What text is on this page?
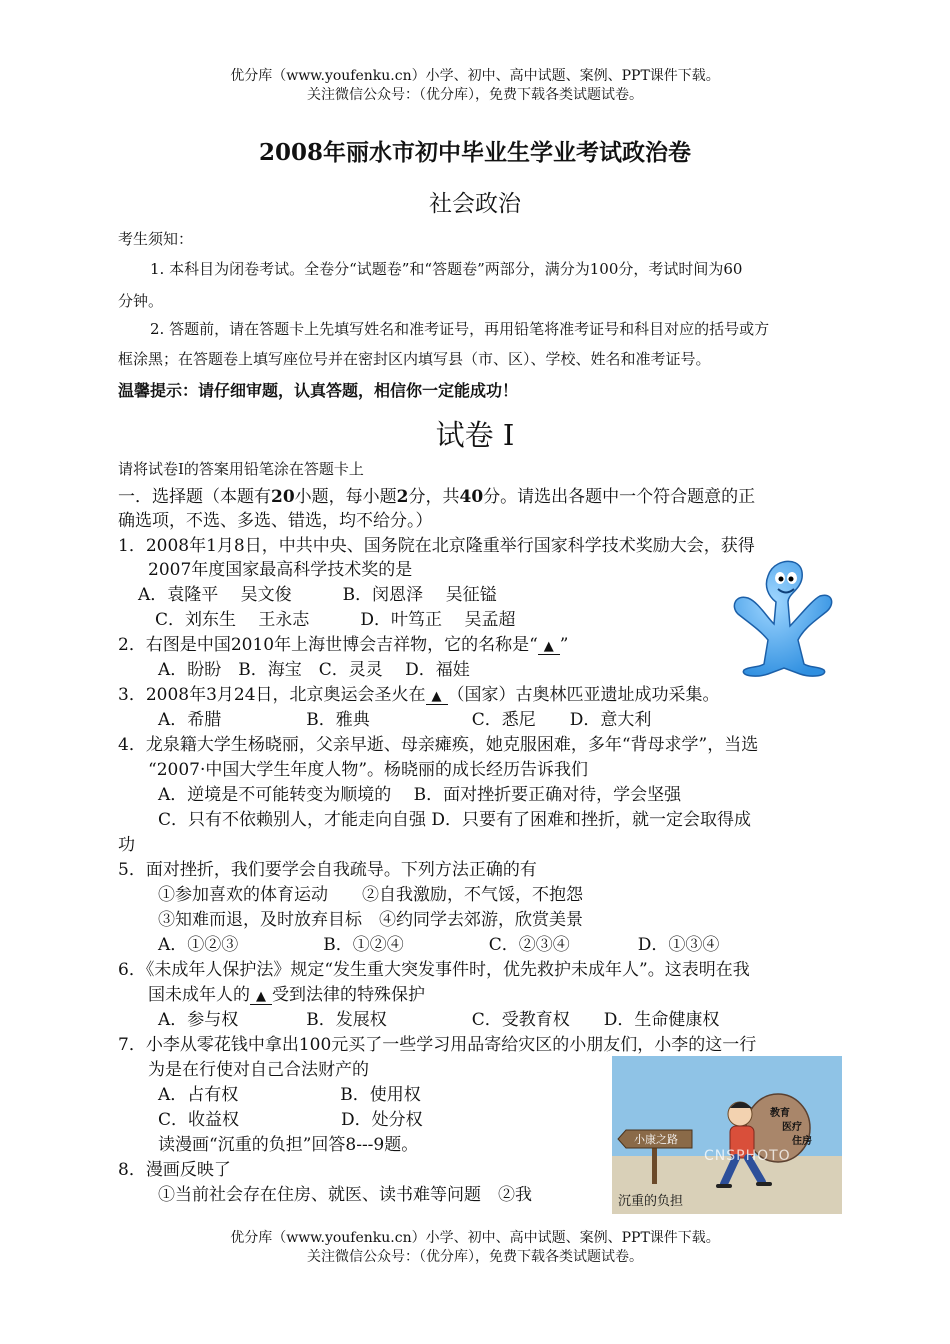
优分库（www.youfenku.cn）小学、初中、高中试题、案例、PPT课件下载。
关注微信公众号：（优分库），免费下载各类试题试卷。
2008年丽水市初中毕业生学业考试政治卷
社会政治
考生须知：
1. 本科目为闭卷考试。全卷分“试题卷”和“答题卷”两部分，满分为100分，考试时间为60
分钟。
2. 答题前，请在答题卡上先填写姓名和准考证号，再用铅笔将准考证号和科目对应的括号或方
框涂黑；在答题卷上填写座位号并在密封区内填写县（市、区）、学校、姓名和准考证号。
温馨提示：请仔细审题，认真答题，相信你一定能成功！
试卷 Ⅰ
请将试卷Ⅰ的答案用铅笔涂在答题卡上
一．选择题（本题有20小题，每小题2分，共40分。请选出各题中一个符合题意的正
确选项，不选、多选、错选，均不给分。）
1．2008年1月8日，中共中央、国务院在北京隆重举行国家科学技术奖励大会，获得
2007年度国家最高科学技术奖的是
A．袁隆平　 吴文俊　　　B．闵恩泽　 吴征镒
C．刘东生　 王永志　　　D．叶笃正　 吴孟超
2．右图是中国2010年上海世博会吉祥物，它的名称是“ ▲ ”
A．盼盼　B．海宝　C．灵灵　 D．福娃
3．2008年3月24日，北京奥运会圣火在 ▲ （国家）古奥林匹亚遗址成功采集。
A．希腊　　　　　B．雅典　　　　　　C．悉尼　　D．意大利
4．龙泉籍大学生杨晓丽，父亲早逝、母亲瘫痪，她克服困难，多年“背母求学”，当选
“2007·中国大学生年度人物”。杨晓丽的成长经历告诉我们
A．逆境是不可能转变为顺境的　 B．面对挫折要正确对待，学会坚强
C．只有不依赖别人，才能走向自强 D．只要有了困难和挫折，就一定会取得成
功
5．面对挫折，我们要学会自我疏导。下列方法正确的有
①参加喜欢的体育运动　　②自我激励，不气馁，不抱怨
③知难而退，及时放弃目标　④约同学去郊游，欣赏美景
A．①②③　　　　　B．①②④　　　　　C．②③④　　　　D．①③④
6．《未成年人保护法》规定“发生重大突发事件时，优先救护未成年人”。这表明在我
国未成年人的 ▲ 受到法律的特殊保护
A．参与权　　　　B．发展权　　　　　C．受教育权　　D．生命健康权
7．小李从零花钱中拿出100元买了一些学习用品寄给灾区的小朋友们，小李的这一行
为是在行使对自己合法财产的
A．占有权　　　　　　B．使用权
C．收益权　　　　　　D．处分权
读漫画“沉重的负担”回答8---9题。
8．漫画反映了
①当前社会存在住房、就医、读书难等问题　②我
小康之路
教育
医疗
住房
CNSPHOTO
沉重的负担
优分库（www.youfenku.cn）小学、初中、高中试题、案例、PPT课件下载。
关注微信公众号：（优分库），免费下载各类试题试卷。
